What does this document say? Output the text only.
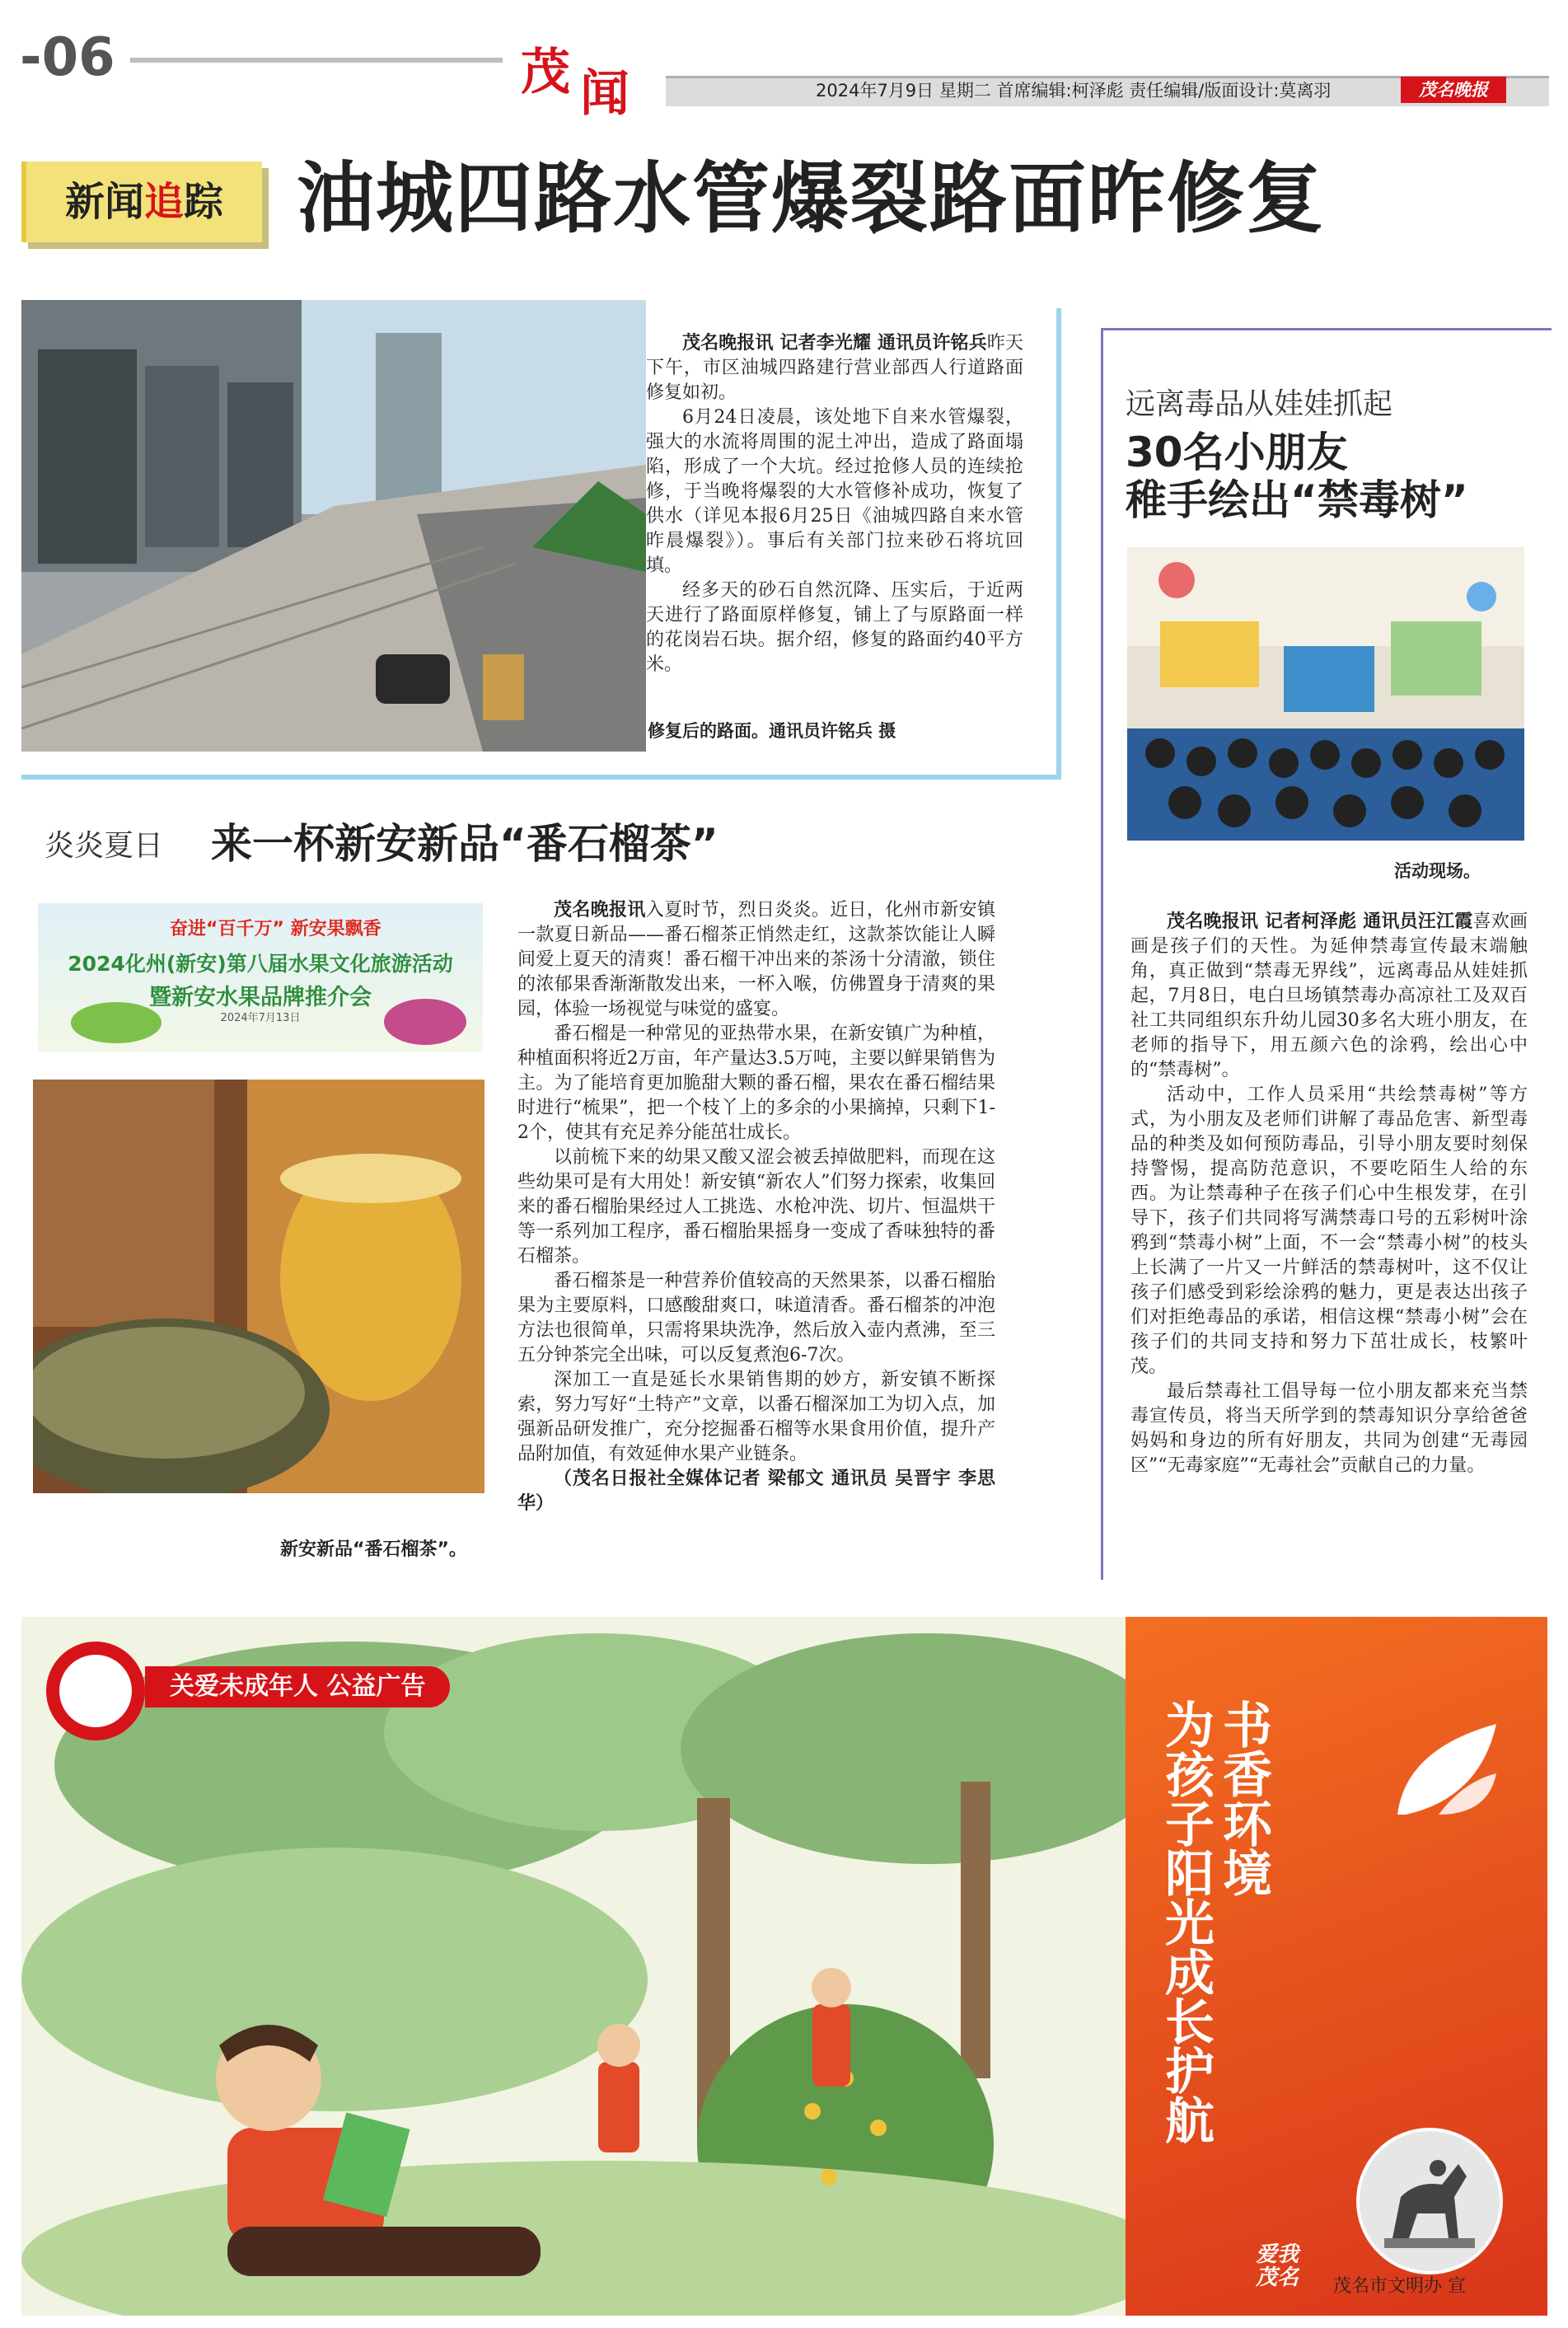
-06	茂 闻	2024年7月9日 星期二 首席编辑:柯泽彪 责任编辑/版面设计:莫离羽	茂名晚报
新闻追踪 油城四路水管爆裂路面昨修复

茂名晚报讯 记者李光耀 通讯员许铭兵昨天下午，市区油城四路建行营业部西人行道路面修复如初。

6月24日凌晨，该处地下自来水管爆裂，强大的水流将周围的泥土冲出，造成了路面塌陷，形成了一个大坑。经过抢修人员的连续抢修，于当晚将爆裂的大水管修补成功，恢复了供水（详见本报6月25日《油城四路自来水管昨晨爆裂》）。事后有关部门拉来砂石将坑回填。

经多天的砂石自然沉降、压实后，于近两天进行了路面原样修复，铺上了与原路面一样的花岗岩石块。据介绍，修复的路面约40平方米。

修复后的路面。通讯员许铭兵 摄
炎炎夏日 来一杯新安新品“番石榴茶”
奋进“百千万” 新安果飘香
2024化州(新安)第八届水果文化旅游活动
暨新安水果品牌推介会
2024年7月13日
新安新品“番石榴茶”。

茂名晚报讯入夏时节，烈日炎炎。近日，化州市新安镇一款夏日新品——番石榴茶正悄然走红，这款茶饮能让人瞬间爱上夏天的清爽！番石榴干冲出来的茶汤十分清澈，锁住的浓郁果香渐渐散发出来，一杯入喉，仿佛置身于清爽的果园，体验一场视觉与味觉的盛宴。

番石榴是一种常见的亚热带水果，在新安镇广为种植，种植面积将近2万亩，年产量达3.5万吨，主要以鲜果销售为主。为了能培育更加脆甜大颗的番石榴，果农在番石榴结果时进行“梳果”，把一个枝丫上的多余的小果摘掉，只剩下1-2个，使其有充足养分能茁壮成长。

以前梳下来的幼果又酸又涩会被丢掉做肥料，而现在这些幼果可是有大用处！新安镇“新农人”们努力探索，收集回来的番石榴胎果经过人工挑选、水枪冲洗、切片、恒温烘干等一系列加工程序，番石榴胎果摇身一变成了香味独特的番石榴茶。

番石榴茶是一种营养价值较高的天然果茶，以番石榴胎果为主要原料，口感酸甜爽口，味道清香。番石榴茶的冲泡方法也很简单，只需将果块洗净，然后放入壶内煮沸，至三五分钟茶完全出味，可以反复煮泡6-7次。

深加工一直是延长水果销售期的妙方，新安镇不断探索，努力写好“土特产”文章，以番石榴深加工为切入点，加强新品研发推广，充分挖掘番石榴等水果食用价值，提升产品附加值，有效延伸水果产业链条。

（茂名日报社全媒体记者 梁郁文 通讯员 吴晋宇 李思华）

远离毒品从娃娃抓起
30名小朋友
稚手绘出“禁毒树”
活动现场。

茂名晚报讯 记者柯泽彪 通讯员汪江霞喜欢画画是孩子们的天性。为延伸禁毒宣传最末端触角，真正做到“禁毒无界线”，远离毒品从娃娃抓起，7月8日，电白旦场镇禁毒办高凉社工及双百社工共同组织东升幼儿园30多名大班小朋友，在老师的指导下，用五颜六色的涂鸦，绘出心中的“禁毒树”。

活动中，工作人员采用“共绘禁毒树”等方式，为小朋友及老师们讲解了毒品危害、新型毒品的种类及如何预防毒品，引导小朋友要时刻保持警惕，提高防范意识，不要吃陌生人给的东西。为让禁毒种子在孩子们心中生根发芽，在引导下，孩子们共同将写满禁毒口号的五彩树叶涂鸦到“禁毒小树”上面，不一会“禁毒小树”的枝头上长满了一片又一片鲜活的禁毒树叶，这不仅让孩子们感受到彩绘涂鸦的魅力，更是表达出孩子们对拒绝毒品的承诺，相信这棵“禁毒小树”会在孩子们的共同支持和努力下茁壮成长，枝繁叶茂。

最后禁毒社工倡导每一位小朋友都来充当禁毒宣传员，将当天所学到的禁毒知识分享给爸爸妈妈和身边的所有好朋友，共同为创建“无毒园区”“无毒家庭”“无毒社会”贡献自己的力量。

关爱未成年人 公益广告
书香环境
为孩子阳光成长护航
爱我茂名	茂名市文明办 宣
